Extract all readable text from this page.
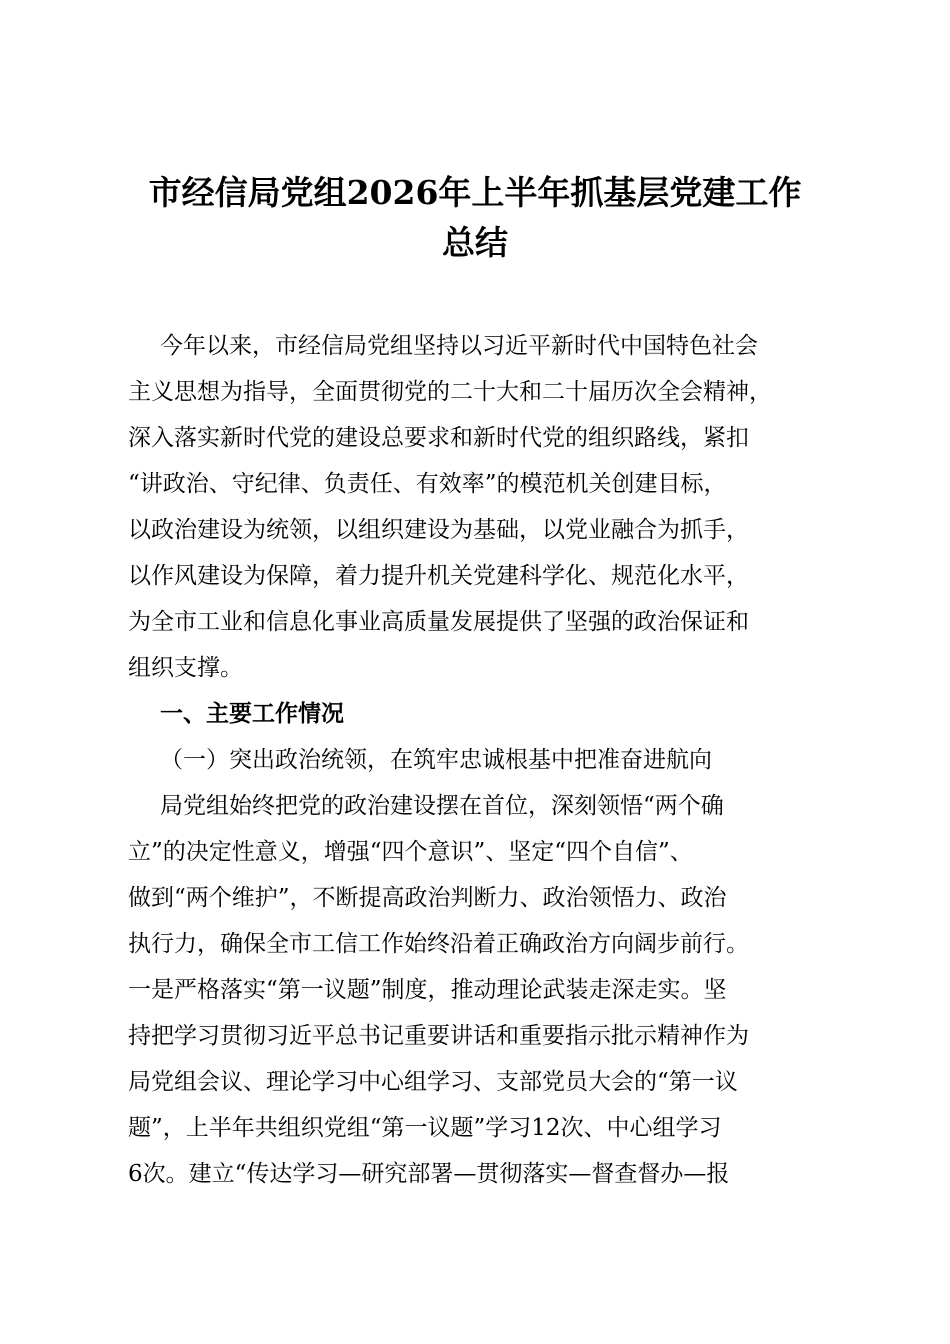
市经信局党组2026年上半年抓基层党建工作
总结
今年以来，市经信局党组坚持以习近平新时代中国特色社会
主义思想为指导，全面贯彻党的二十大和二十届历次全会精神，
深入落实新时代党的建设总要求和新时代党的组织路线，紧扣
“讲政治、守纪律、负责任、有效率”的模范机关创建目标，
以政治建设为统领，以组织建设为基础，以党业融合为抓手，
以作风建设为保障，着力提升机关党建科学化、规范化水平，
为全市工业和信息化事业高质量发展提供了坚强的政治保证和
组织支撑。
一、主要工作情况
（一）突出政治统领，在筑牢忠诚根基中把准奋进航向
局党组始终把党的政治建设摆在首位，深刻领悟“两个确
立”的决定性意义，增强“四个意识”、坚定“四个自信”、
做到“两个维护”，不断提高政治判断力、政治领悟力、政治
执行力，确保全市工信工作始终沿着正确政治方向阔步前行。
一是严格落实“第一议题”制度，推动理论武装走深走实。坚
持把学习贯彻习近平总书记重要讲话和重要指示批示精神作为
局党组会议、理论学习中心组学习、支部党员大会的“第一议
题”，上半年共组织党组“第一议题”学习12次、中心组学习
6次。建立“传达学习—研究部署—贯彻落实—督查督办—报
